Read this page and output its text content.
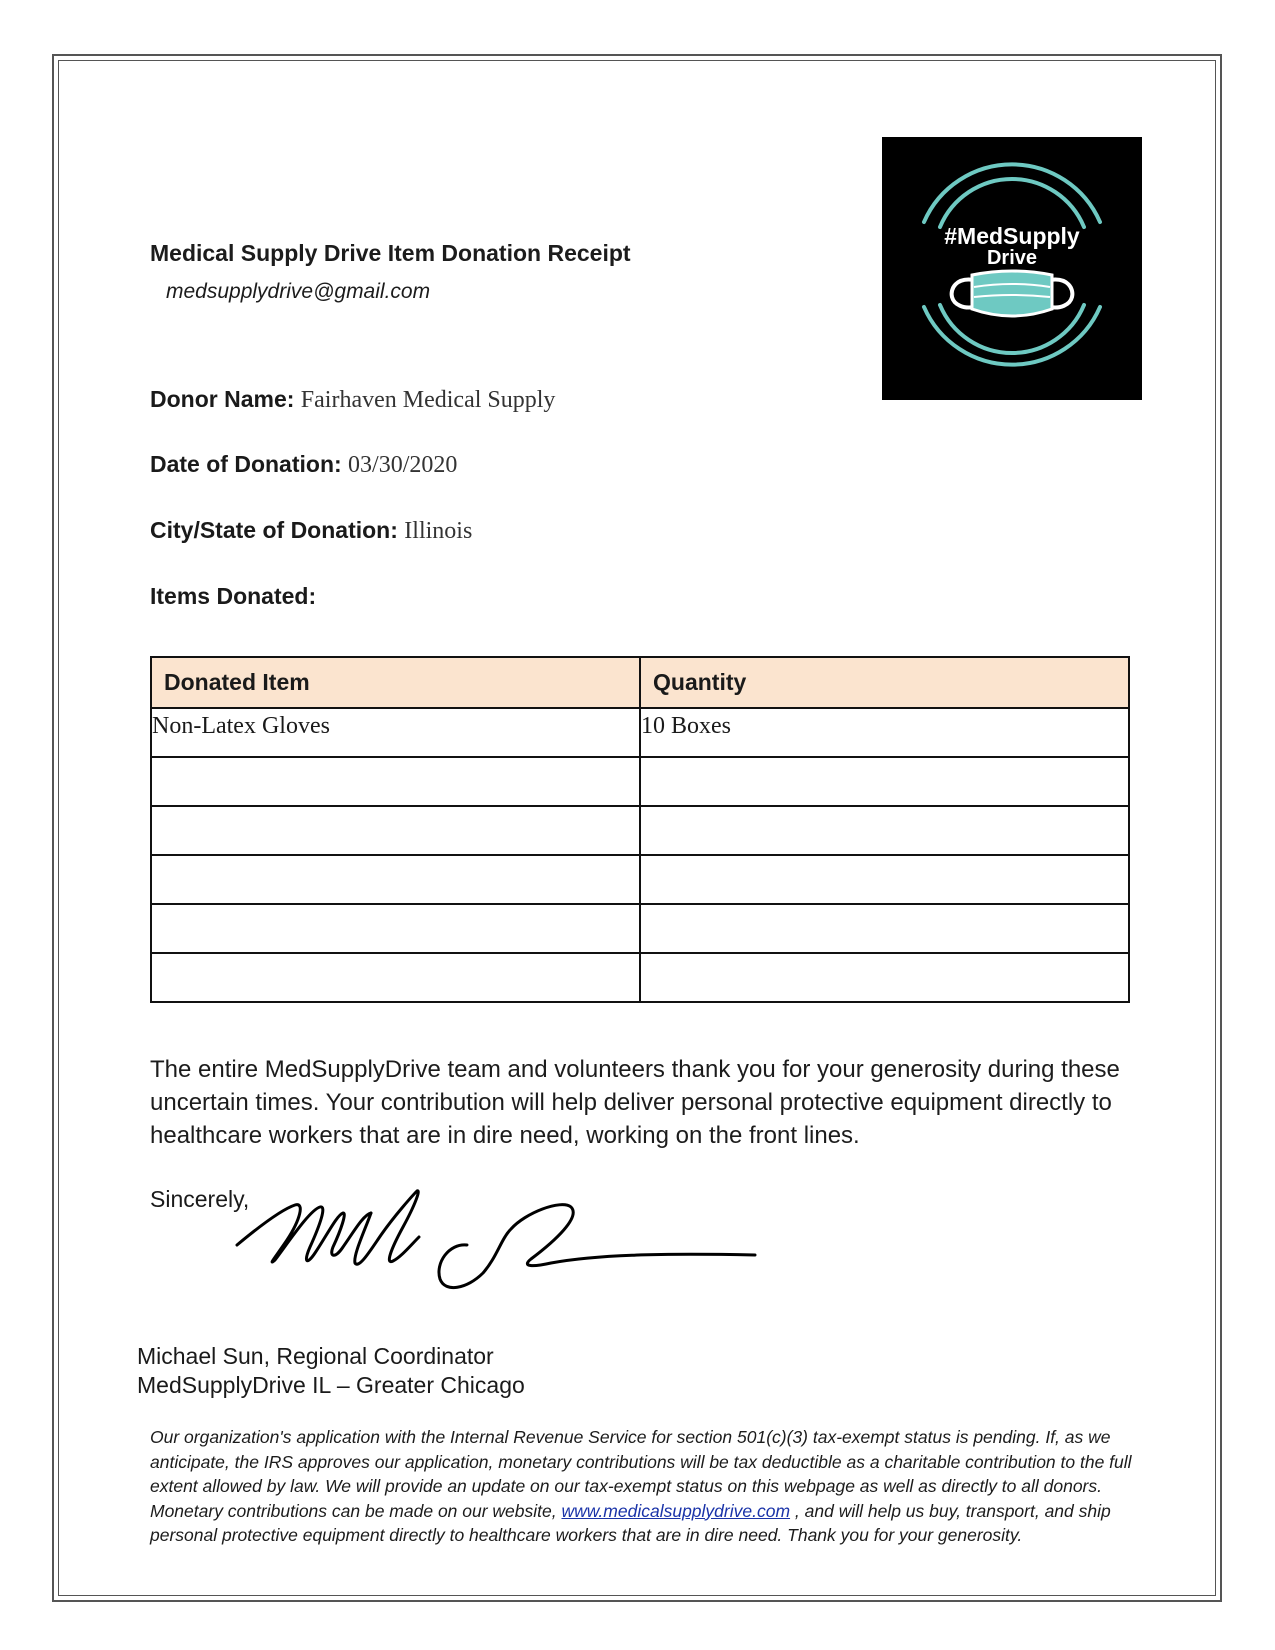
#MedSupply
Drive
Medical Supply Drive Item Donation Receipt
medsupplydrive@gmail.com
Donor Name: Fairhaven Medical Supply
Date of Donation: 03/30/2020
City/State of Donation: Illinois
Items Donated:
Donated Item	Quantity
Non-Latex Gloves	10 Boxes

The entire MedSupplyDrive team and volunteers thank you for your generosity during these uncertain times. Your contribution will help deliver personal protective equipment directly to healthcare workers that are in dire need, working on the front lines.
Sincerely,
Michael Sun, Regional Coordinator
MedSupplyDrive IL – Greater Chicago
Our organization's application with the Internal Revenue Service for section 501(c)(3) tax-exempt status is pending. If, as we anticipate, the IRS approves our application, monetary contributions will be tax deductible as a charitable contribution to the full extent allowed by law. We will provide an update on our tax-exempt status on this webpage as well as directly to all donors. Monetary contributions can be made on our website, www.medicalsupplydrive.com , and will help us buy, transport, and ship personal protective equipment directly to healthcare workers that are in dire need. Thank you for your generosity.
